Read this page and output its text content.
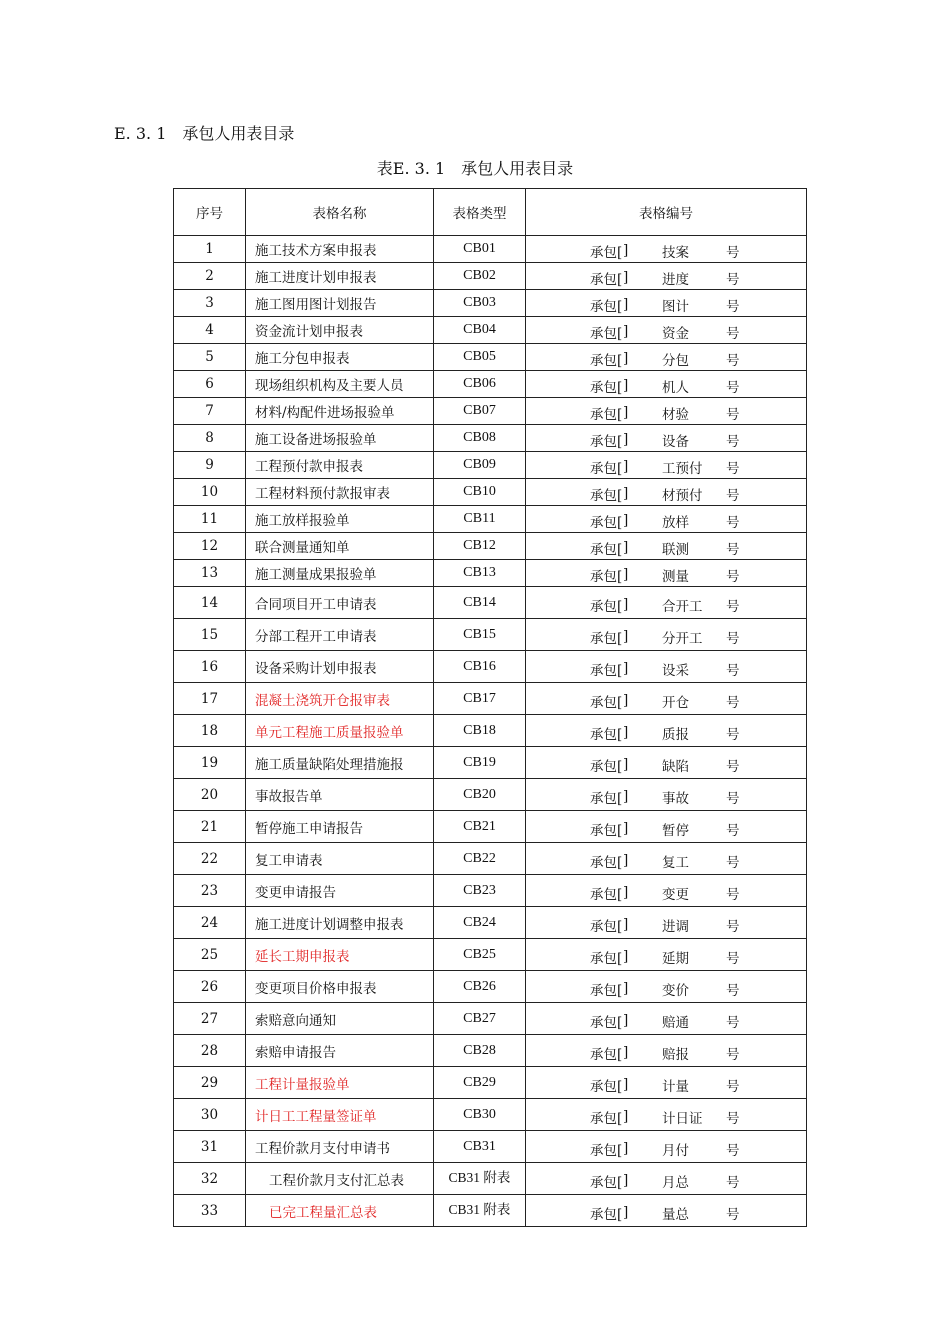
E. 3. 1　承包人用表目录
表E. 3. 1　承包人用表目录
序号	表格名称	表格类型	表格编号
1	施工技术方案申报表	CB01	承包[ ] 技案 号

2	施工进度计划申报表	CB02	承包[ ] 进度 号

3	施工图用图计划报告	CB03	承包[ ] 图计 号

4	资金流计划申报表	CB04	承包[ ] 资金 号

5	施工分包申报表	CB05	承包[ ] 分包 号

6	现场组织机构及主要人员	CB06	承包[ ] 机人 号

7	材料/构配件进场报验单	CB07	承包[ ] 材验 号

8	施工设备进场报验单	CB08	承包[ ] 设备 号

9	工程预付款申报表	CB09	承包[ ] 工预付 号

10	工程材料预付款报审表	CB10	承包[ ] 材预付 号

11	施工放样报验单	CB11	承包[ ] 放样 号

12	联合测量通知单	CB12	承包[ ] 联测 号

13	施工测量成果报验单	CB13	承包[ ] 测量 号

14	合同项目开工申请表	CB14	承包[ ] 合开工 号

15	分部工程开工申请表	CB15	承包[ ] 分开工 号

16	设备采购计划申报表	CB16	承包[ ] 设采 号

17	混凝土浇筑开仓报审表	CB17	承包[ ] 开仓 号

18	单元工程施工质量报验单	CB18	承包[ ] 质报 号

19	施工质量缺陷处理措施报	CB19	承包[ ] 缺陷 号

20	事故报告单	CB20	承包[ ] 事故 号

21	暂停施工申请报告	CB21	承包[ ] 暂停 号

22	复工申请表	CB22	承包[ ] 复工 号

23	变更申请报告	CB23	承包[ ] 变更 号

24	施工进度计划调整申报表	CB24	承包[ ] 进调 号

25	延长工期申报表	CB25	承包[ ] 延期 号

26	变更项目价格申报表	CB26	承包[ ] 变价 号

27	索赔意向通知	CB27	承包[ ] 赔通 号

28	索赔申请报告	CB28	承包[ ] 赔报 号

29	工程计量报验单	CB29	承包[ ] 计量 号

30	计日工工程量签证单	CB30	承包[ ] 计日证 号

31	工程价款月支付申请书	CB31	承包[ ] 月付 号

32	工程价款月支付汇总表	CB31 附表	承包[ ] 月总 号

33	已完工程量汇总表	CB31 附表	承包[ ] 量总 号
